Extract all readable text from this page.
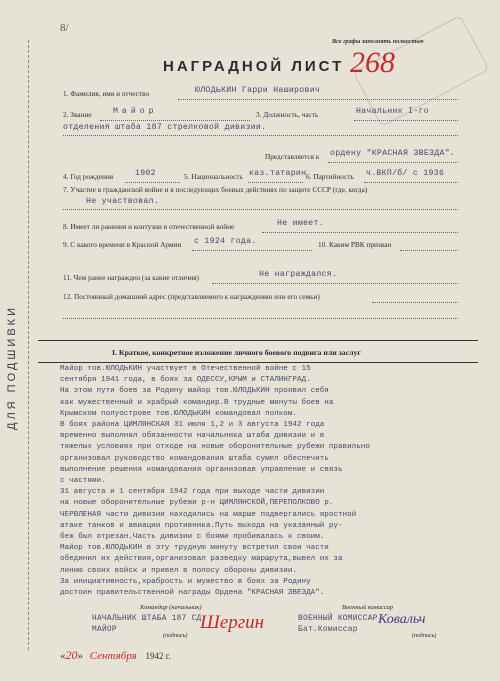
ДЛЯ ПОДШИВКИ
8/
Все графы заполнять полностью
НАГРАДНОЙ ЛИСТ 268
1. Фамилия, имя и отчество	ЮЛОДЬКИН Гарри Наширович
2. Звание	Майор	3. Должность, часть	Начальник I-го
отделения штаба 187 стрелковой дивизии.
Представляется к ордену "КРАСНАЯ ЗВЕЗДА".
4. Год рождения	1902	5. Национальность каз.татарин 6. Партийность ч.ВКП/б/ с 1936
7. Участие в гражданской войне и в последующих боевых действиях по защите СССР (где, когда)
Не участвовал.
8. Имеет ли ранения и контузии в отечественной войне	Не имеет.
9. С какого времени в Красной Армии с 1924 года.	10. Каким РВК призван
11. Чем ранее награжден (за какие отличия)	Не награждался.
12. Постоянный домашний адрес (представляемого к награждению или его семьи)
I. Краткое, конкретное изложение личного боевого подвига или заслуг
Майор тов.ЮЛОДЬКИН участвует в Отечественной войне с 15
сентября 1941 года, в боях за ОДЕССУ,КРЫМ и СТАЛИНГРАД.
На этом пути боев за Родину майор тов.ЮЛОДЬКИН проявил себя
как мужественный и храбрый командир.В трудные минуты боев на
Крымском полуострове тов.ЮЛОДЬКИН командовал полком.
В боях района ЦИМЛЯНСКАЯ 31 июля 1,2 и 3 августа 1942 года
временно выполнял обязанности начальника штаба дивизии и в
тяжелых условиях при отходе на новые оборонительные рубежи правильно
организовал руководство командования штаба сумел обеспечить
выполнение решения командования организовав управление и связь
с частями.
31 августа и 1 сентября 1942 года при выходе части дивизии
на новые оборонительные рубежи р-н ЦИМЛЯНСКОЙ,ПЕРЕПОЛКОВО р.
ЧЕРВЛЕНАЯ части дивизии находились на марше подвергались яростной
атаке танков и авиации противника.Путь выхода на указанный ру-
беж был отрезан.Часть дивизии с боями пробивалась к своим.
Майор тов.ЮЛОДЬКИН в эту трудную минуту встретил свои части
обединил их действия,организовал разведку маршрута,вывел их за
линию своих войск и привел в полосу обороны дивизии.
За инициативность,храбрость и мужество в боях за Родину
достоин правительственной награды Ордена "КРАСНАЯ ЗВЕЗДА".
Командир (начальник)	Военный комиссар
НАЧАЛЬНИК ШТАБА 187 СД
МАЙОР
(подпись)
Шергин	ВОЕННЫЙ КОМИССАР
Бат.Комиссар
(подпись)
Ковальч
«20» Сентября 1942 г.
